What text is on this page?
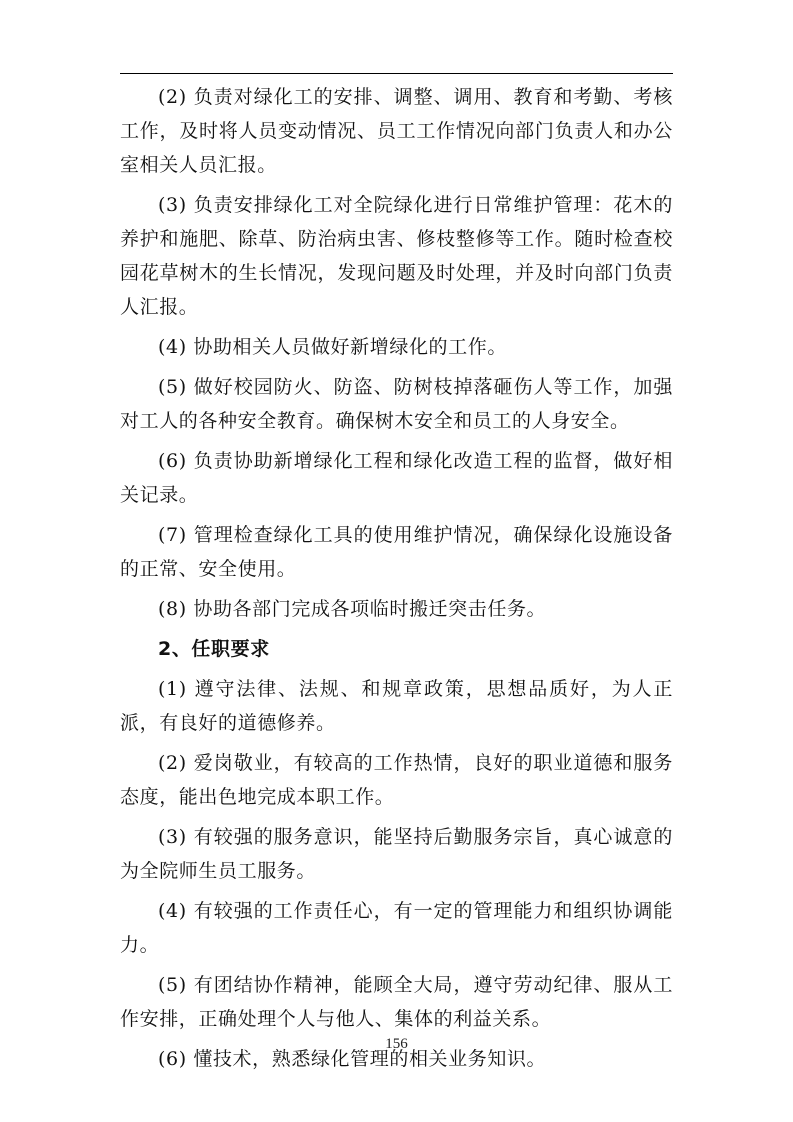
(2) 负责对绿化工的安排、调整、调用、教育和考勤、考核工作，及时将人员变动情况、员工工作情况向部门负责人和办公室相关人员汇报。

(3) 负责安排绿化工对全院绿化进行日常维护管理：花木的养护和施肥、除草、防治病虫害、修枝整修等工作。随时检查校园花草树木的生长情况，发现问题及时处理，并及时向部门负责人汇报。

(4) 协助相关人员做好新增绿化的工作。

(5) 做好校园防火、防盗、防树枝掉落砸伤人等工作，加强对工人的各种安全教育。确保树木安全和员工的人身安全。

(6) 负责协助新增绿化工程和绿化改造工程的监督，做好相关记录。

(7) 管理检查绿化工具的使用维护情况，确保绿化设施设备的正常、安全使用。

(8) 协助各部门完成各项临时搬迁突击任务。

2、任职要求

(1) 遵守法律、法规、和规章政策，思想品质好，为人正派，有良好的道德修养。

(2) 爱岗敬业，有较高的工作热情，良好的职业道德和服务态度，能出色地完成本职工作。

(3) 有较强的服务意识，能坚持后勤服务宗旨，真心诚意的为全院师生员工服务。

(4) 有较强的工作责任心，有一定的管理能力和组织协调能力。

(5) 有团结协作精神，能顾全大局，遵守劳动纪律、服从工作安排，正确处理个人与他人、集体的利益关系。

(6) 懂技术，熟悉绿化管理的相关业务知识。

156
